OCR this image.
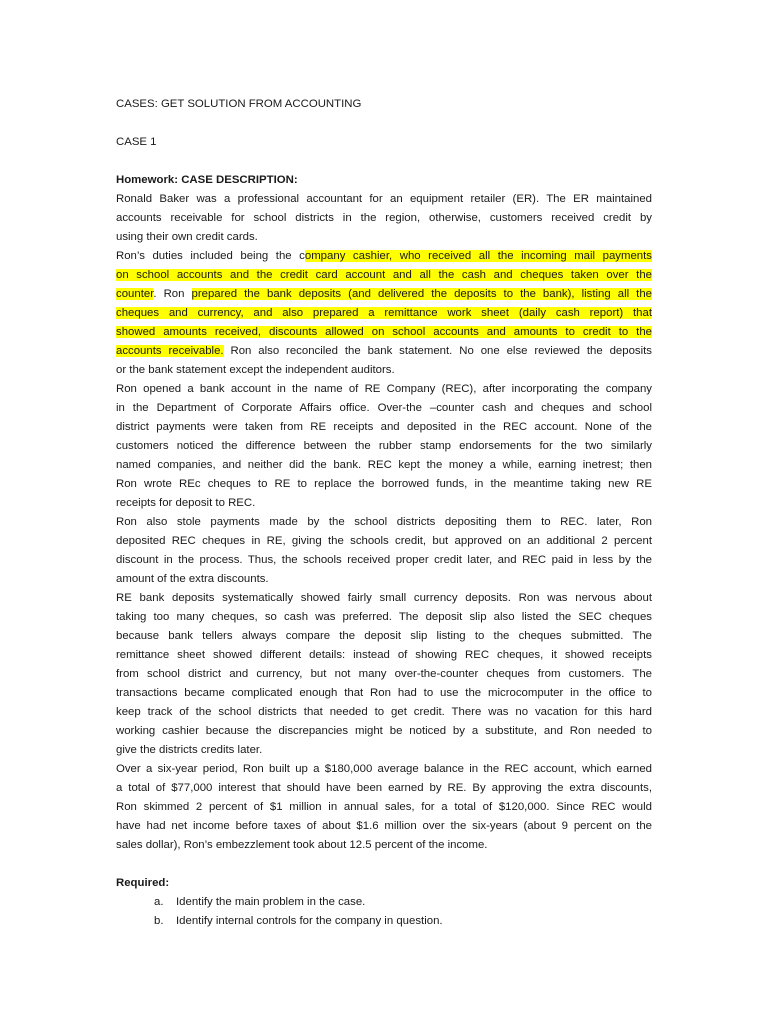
CASES: GET SOLUTION FROM ACCOUNTING
CASE 1
Homework: CASE DESCRIPTION:
Ronald Baker was a professional accountant for an equipment retailer (ER). The ER maintained
accounts receivable for school districts in the region, otherwise, customers received credit by
using their own credit cards.
Ron’s duties included being the company cashier, who received all the incoming mail payments
on school accounts and the credit card account and all the cash and cheques taken over the
counter. Ron prepared the bank deposits (and delivered the deposits to the bank), listing all the
cheques and currency, and also prepared a remittance work sheet (daily cash report) that
showed amounts received, discounts allowed on school accounts and amounts to credit to the
accounts receivable. Ron also reconciled the bank statement. No one else reviewed the deposits
or the bank statement except the independent auditors.
Ron opened a bank account in the name of RE Company (REC), after incorporating the company
in the Department of Corporate Affairs office. Over-the –counter cash and cheques and school
district payments were taken from RE receipts and deposited in the REC account. None of the
customers noticed the difference between the rubber stamp endorsements for the two similarly
named companies, and neither did the bank. REC kept the money a while, earning inetrest; then
Ron wrote REc cheques to RE to replace the borrowed funds, in the meantime taking new RE
receipts for deposit to REC.
Ron also stole payments made by the school districts depositing them to REC. later, Ron
deposited REC cheques in RE, giving the schools credit, but approved on an additional 2 percent
discount in the process. Thus, the schools received proper credit later, and REC paid in less by the
amount of the extra discounts.
RE bank deposits systematically showed fairly small currency deposits. Ron was nervous about
taking too many cheques, so cash was preferred. The deposit slip also listed the SEC cheques
because bank tellers always compare the deposit slip listing to the cheques submitted. The
remittance sheet showed different details: instead of showing REC cheques, it showed receipts
from school district and currency, but not many over-the-counter cheques from customers. The
transactions became complicated enough that Ron had to use the microcomputer in the office to
keep track of the school districts that needed to get credit. There was no vacation for this hard
working cashier because the discrepancies might be noticed by a substitute, and Ron needed to
give the districts credits later.
Over a six-year period, Ron built up a $180,000 average balance in the REC account, which earned
a total of $77,000 interest that should have been earned by RE. By approving the extra discounts,
Ron skimmed 2 percent of $1 million in annual sales, for a total of $120,000. Since REC would
have had net income before taxes of about $1.6 million over the six-years (about 9 percent on the
sales dollar), Ron’s embezzlement took about 12.5 percent of the income.
Required:
a. Identify the main problem in the case.
b. Identify internal controls for the company in question.
